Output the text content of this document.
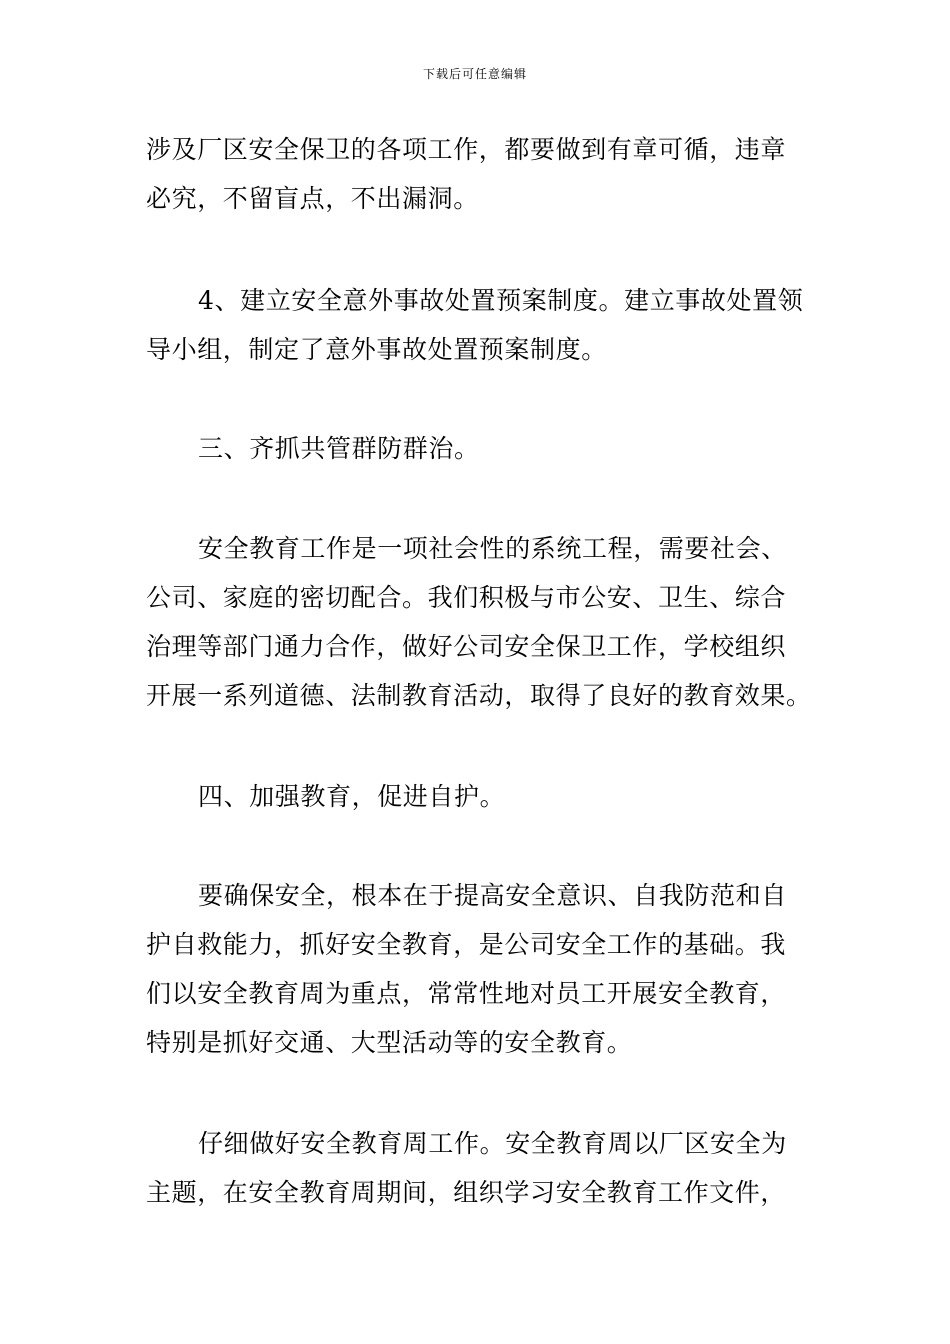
下载后可任意编辑
涉及厂区安全保卫的各项工作，都要做到有章可循，违章
必究，不留盲点，不出漏洞。
4、建立安全意外事故处置预案制度。建立事故处置领
导小组，制定了意外事故处置预案制度。
三、齐抓共管群防群治。
安全教育工作是一项社会性的系统工程，需要社会、
公司、家庭的密切配合。我们积极与市公安、卫生、综合
治理等部门通力合作，做好公司安全保卫工作，学校组织
开展一系列道德、法制教育活动，取得了良好的教育效果。
四、加强教育，促进自护。
要确保安全，根本在于提高安全意识、自我防范和自
护自救能力，抓好安全教育，是公司安全工作的基础。我
们以安全教育周为重点，常常性地对员工开展安全教育，
特别是抓好交通、大型活动等的安全教育。
仔细做好安全教育周工作。安全教育周以厂区安全为
主题，在安全教育周期间，组织学习安全教育工作文件，
